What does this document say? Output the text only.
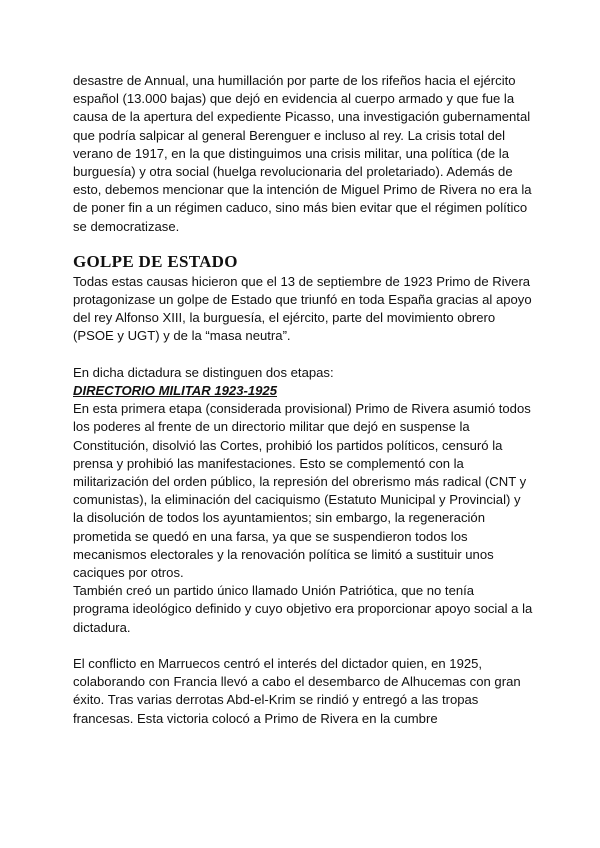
desastre de Annual, una humillación por parte de los rifeños hacia el ejército español (13.000 bajas) que dejó en evidencia al cuerpo armado y que fue la causa de la apertura del expediente Picasso, una investigación gubernamental que podría salpicar al general Berenguer e incluso al rey. La crisis total del verano de 1917, en la que distinguimos una crisis militar, una política (de la burguesía) y otra social (huelga revolucionaria del proletariado). Además de esto, debemos mencionar que la intención de Miguel Primo de Rivera no era la de poner fin a un régimen caduco, sino más bien evitar que el régimen político se democratizase.

GOLPE DE ESTADO

Todas estas causas hicieron que el 13 de septiembre de 1923 Primo de Rivera protagonizase un golpe de Estado que triunfó en toda España gracias al apoyo del rey Alfonso XIII, la burguesía, el ejército, parte del movimiento obrero (PSOE y UGT) y de la “masa neutra”.

En dicha dictadura se distinguen dos etapas:

DIRECTORIO MILITAR 1923-1925

En esta primera etapa (considerada provisional) Primo de Rivera asumió todos los poderes al frente de un directorio militar que dejó en suspense la Constitución, disolvió las Cortes, prohibió los partidos políticos, censuró la prensa y prohibió las manifestaciones. Esto se complementó con la militarización del orden público, la represión del obrerismo más radical (CNT y comunistas), la eliminación del caciquismo (Estatuto Municipal y Provincial) y la disolución de todos los ayuntamientos; sin embargo, la regeneración prometida se quedó en una farsa, ya que se suspendieron todos los mecanismos electorales y la renovación política se limitó a sustituir unos caciques por otros.

También creó un partido único llamado Unión Patriótica, que no tenía programa ideológico definido y cuyo objetivo era proporcionar apoyo social a la dictadura.

El conflicto en Marruecos centró el interés del dictador quien, en 1925, colaborando con Francia llevó a cabo el desembarco de Alhucemas con gran éxito. Tras varias derrotas Abd-el-Krim se rindió y entregó a las tropas francesas. Esta victoria colocó a Primo de Rivera en la cumbre
